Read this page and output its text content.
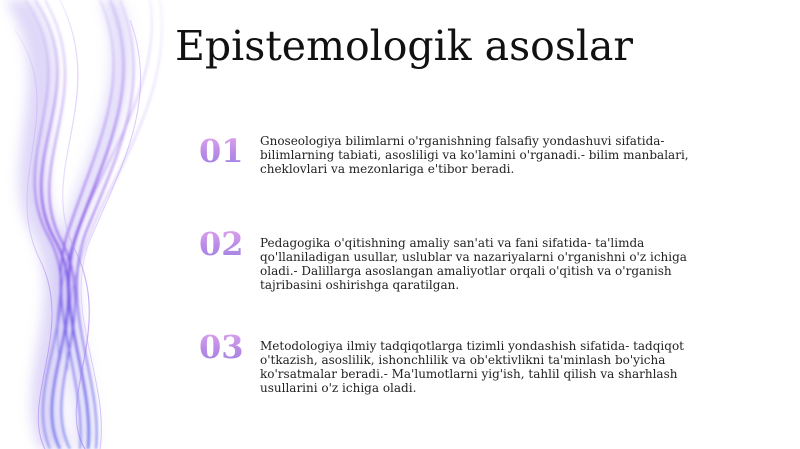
Epistemologik asoslar
01	Gnoseologiya bilimlarni o'rganishning falsafiy yondashuvi sifatida- bilimlarning tabiati, asosliligi va ko'lamini o'rganadi.- bilim manbalari, cheklovlari va mezonlariga e'tibor beradi.
02	Pedagogika o'qitishning amaliy san'ati va fani sifatida- ta'limda qo'llaniladigan usullar, uslublar va nazariyalarni o'rganishni o'z ichiga oladi.- Dalillarga asoslangan amaliyotlar orqali o'qitish va o'rganish tajribasini oshirishga qaratilgan.
03	Metodologiya ilmiy tadqiqotlarga tizimli yondashish sifatida- tadqiqot o'tkazish, asoslilik, ishonchlilik va ob'ektivlikni ta'minlash bo'yicha ko'rsatmalar beradi.- Ma'lumotlarni yig'ish, tahlil qilish va sharhlash usullarini o'z ichiga oladi.
